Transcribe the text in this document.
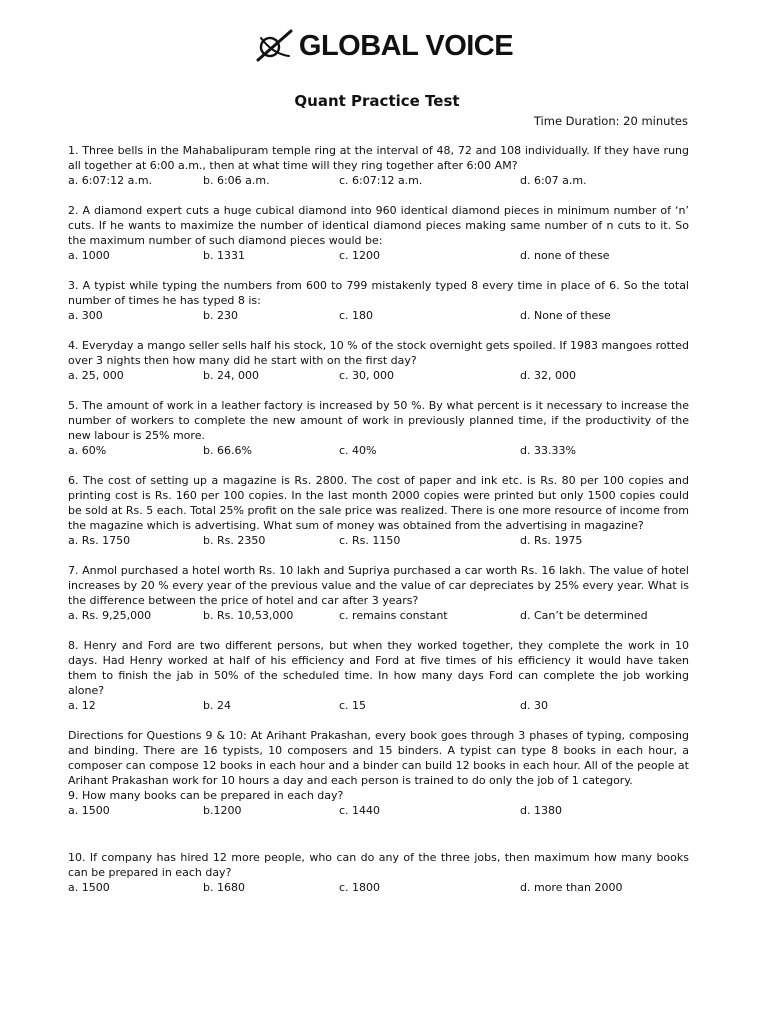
GLOBAL VOICE
Quant Practice Test
Time Duration: 20 minutes

1. Three bells in the Mahabalipuram temple ring at the interval of 48, 72 and 108 individually. If they have rung all together at 6:00 a.m., then at what time will they ring together after 6:00 AM?

a. 6:07:12 a.m.	b. 6:06 a.m.	c. 6:07:12 a.m.	d. 6:07 a.m.

2. A diamond expert cuts a huge cubical diamond into 960 identical diamond pieces in minimum number of ‘n’ cuts. If he wants to maximize the number of identical diamond pieces making same number of n cuts to it. So the maximum number of such diamond pieces would be:

a. 1000	b. 1331	c. 1200	d. none of these

3. A typist while typing the numbers from 600 to 799 mistakenly typed 8 every time in place of 6. So the total number of times he has typed 8 is:

a. 300	b. 230	c. 180	d. None of these

4. Everyday a mango seller sells half his stock, 10 % of the stock overnight gets spoiled. If 1983 mangoes rotted over 3 nights then how many did he start with on the first day?

a. 25, 000	b. 24, 000	c. 30, 000	d. 32, 000

5. The amount of work in a leather factory is increased by 50 %. By what percent is it necessary to increase the number of workers to complete the new amount of work in previously planned time, if the productivity of the new labour is 25% more.

a. 60%	b. 66.6%	c. 40%	d. 33.33%

6. The cost of setting up a magazine is Rs. 2800. The cost of paper and ink etc. is Rs. 80 per 100 copies and printing cost is Rs. 160 per 100 copies. In the last month 2000 copies were printed but only 1500 copies could be sold at Rs. 5 each. Total 25% profit on the sale price was realized. There is one more resource of income from the magazine which is advertising. What sum of money was obtained from the advertising in magazine?

a. Rs. 1750	b. Rs. 2350	c. Rs. 1150	d. Rs. 1975

7. Anmol purchased a hotel worth Rs. 10 lakh and Supriya purchased a car worth Rs. 16 lakh. The value of hotel increases by 20 % every year of the previous value and the value of car depreciates by 25% every year. What is the difference between the price of hotel and car after 3 years?

a. Rs. 9,25,000	b. Rs. 10,53,000	c. remains constant	d. Can’t be determined

8. Henry and Ford are two different persons, but when they worked together, they complete the work in 10 days. Had Henry worked at half of his efficiency and Ford at five times of his efficiency it would have taken them to finish the jab in 50% of the scheduled time. In how many days Ford can complete the job working alone?

a. 12	b. 24	c. 15	d. 30

Directions for Questions 9 & 10: At Arihant Prakashan, every book goes through 3 phases of typing, composing and binding. There are 16 typists, 10 composers and 15 binders. A typist can type 8 books in each hour, a composer can compose 12 books in each hour and a binder can build 12 books in each hour. All of the people at Arihant Prakashan work for 10 hours a day and each person is trained to do only the job of 1 category.

9. How many books can be prepared in each day?

a. 1500	b.1200	c. 1440	d. 1380

10. If company has hired 12 more people, who can do any of the three jobs, then maximum how many books can be prepared in each day?

a. 1500	b. 1680	c. 1800	d. more than 2000
